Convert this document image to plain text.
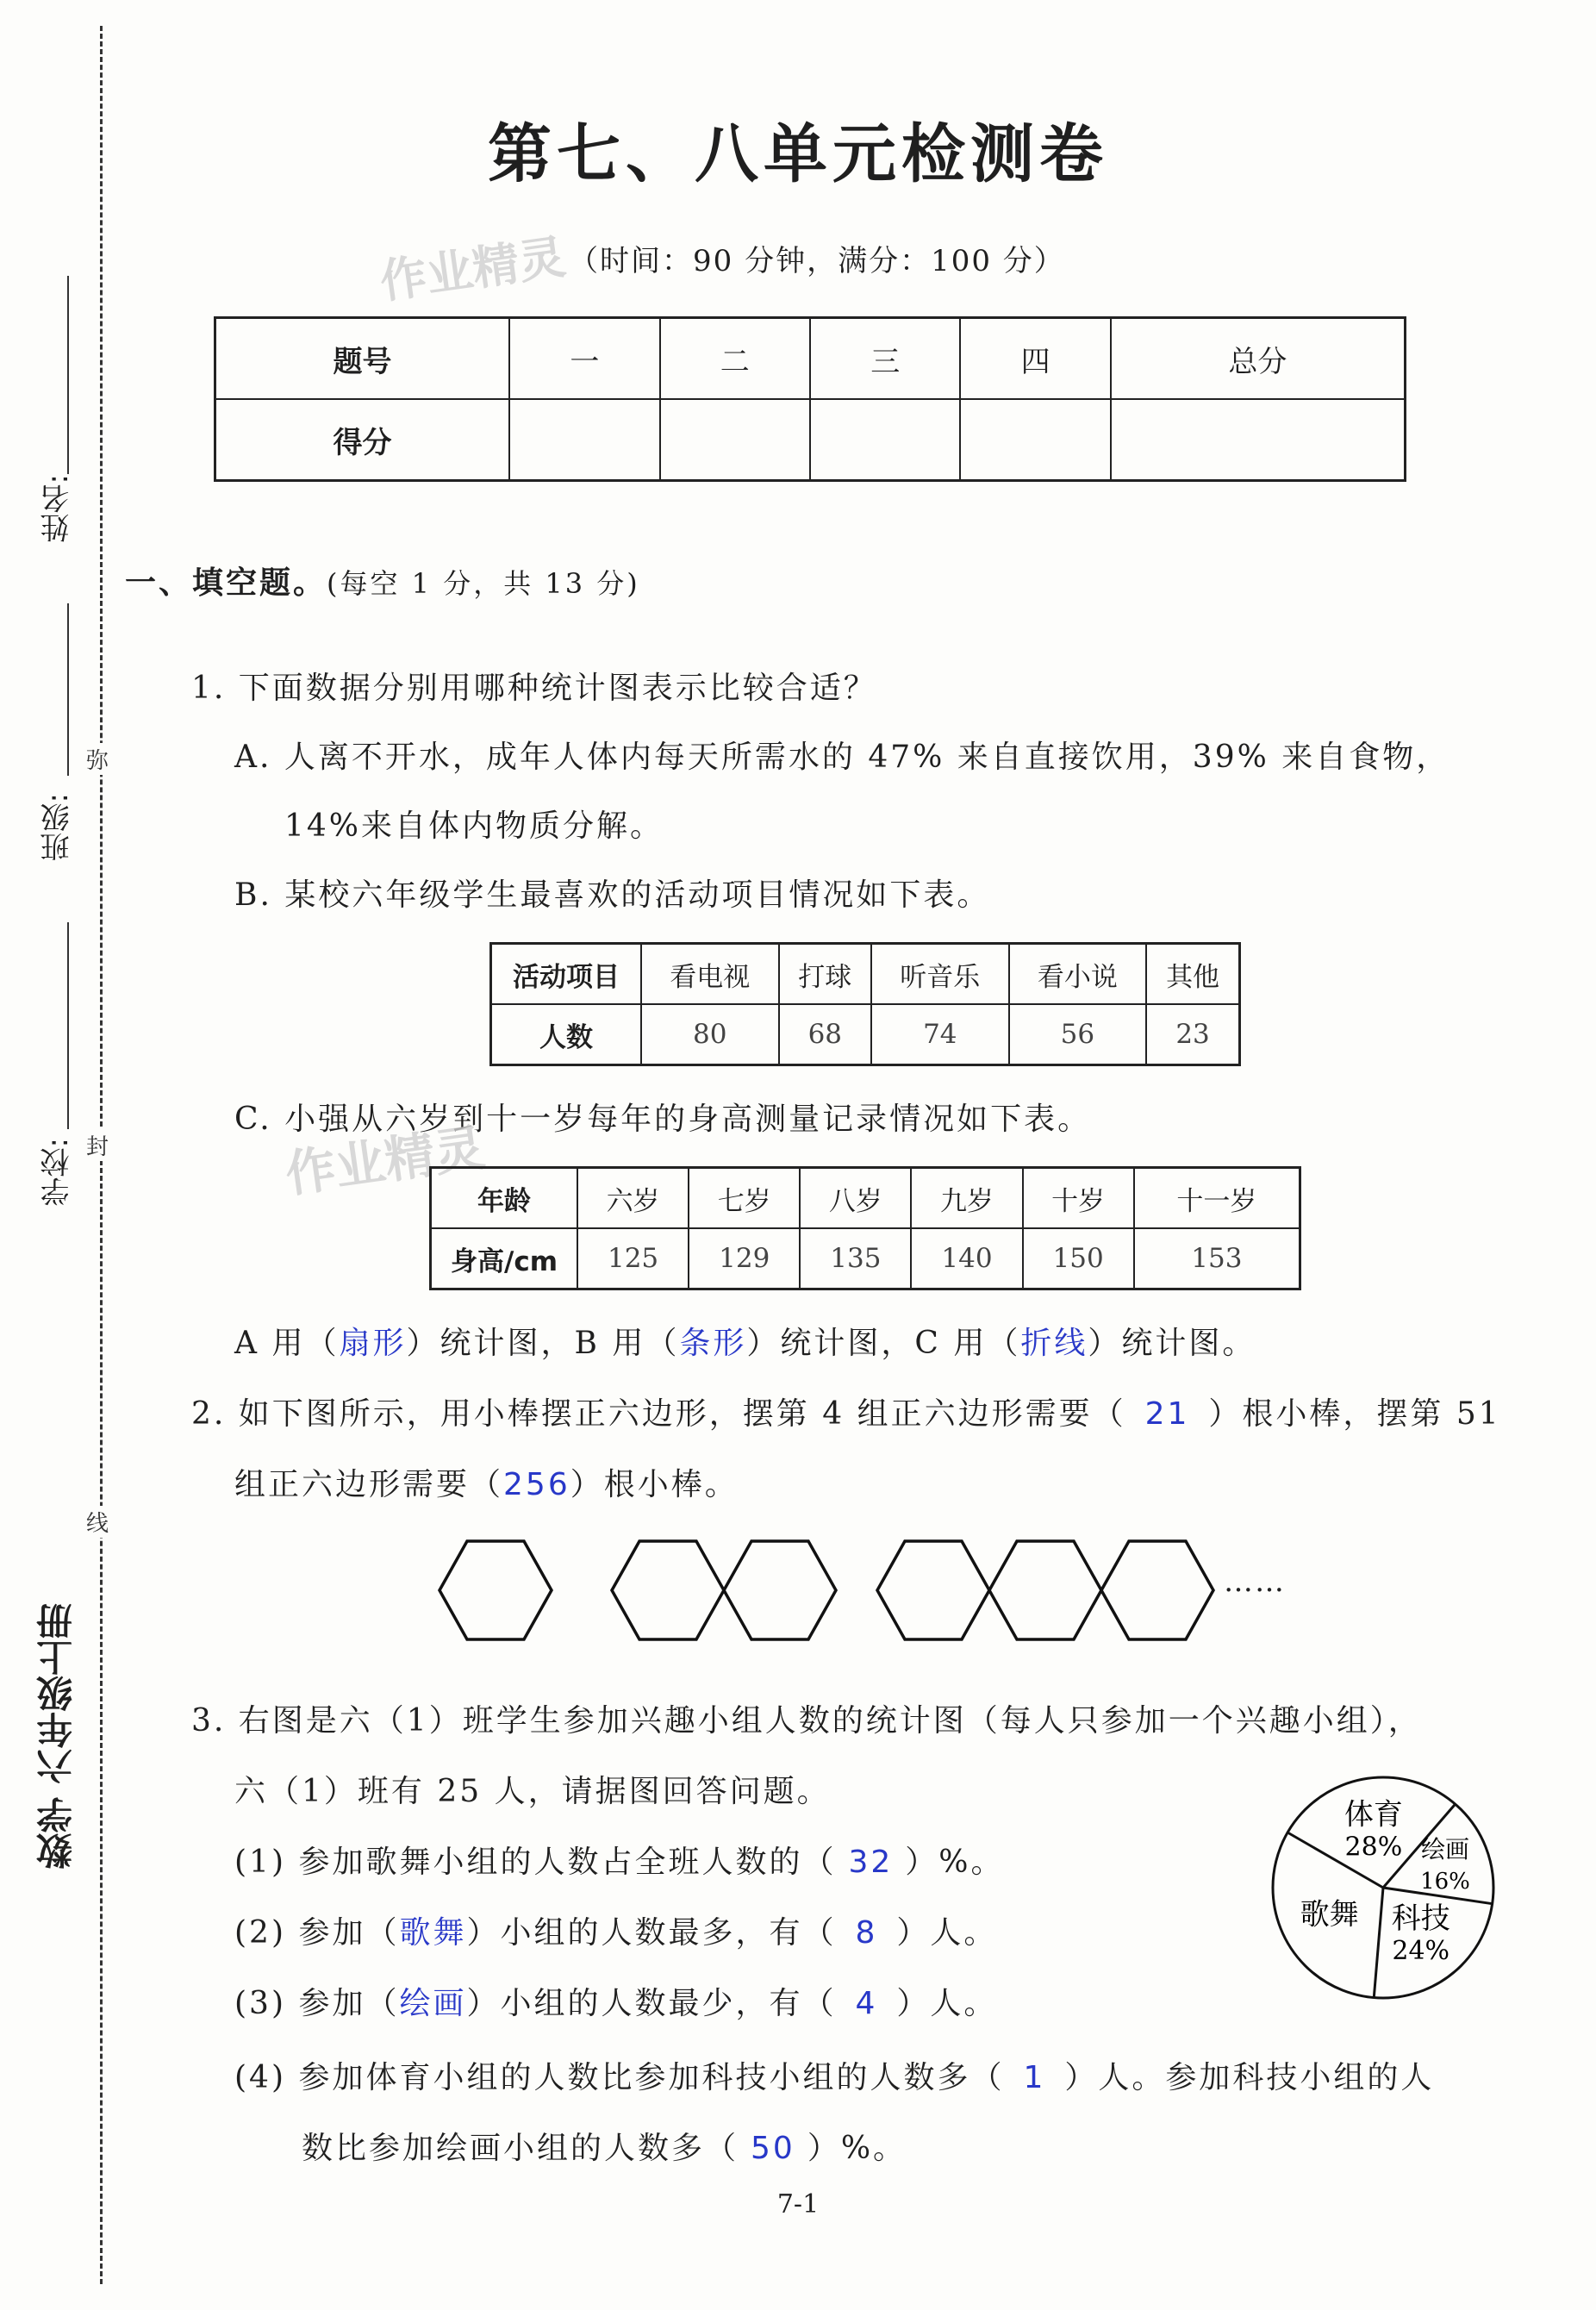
姓名:
班级:
学校:
弥
封
线
数学 六年级上册
第七、八单元检测卷
作业精灵 （时间：90 分钟，满分：100 分）
题号	一	二	三	四	总分
得分					
一、填空题。(每空 1 分，共 13 分)
1. 下面数据分别用哪种统计图表示比较合适？
A. 人离不开水，成年人体内每天所需水的 47% 来自直接饮用，39% 来自食物，
14%来自体内物质分解。
B. 某校六年级学生最喜欢的活动项目情况如下表。
活动项目	看电视	打球	听音乐	看小说	其他
人数	80	68	74	56	23
C. 小强从六岁到十一岁每年的身高测量记录情况如下表。
作业精灵
年龄	六岁	七岁	八岁	九岁	十岁	十一岁
身高/cm	125	129	135	140	150	153
A 用（扇形）统计图，B 用（条形）统计图，C 用（折线）统计图。
2. 如下图所示，用小棒摆正六边形，摆第 4 组正六边形需要（ 21 ）根小棒，摆第 51
组正六边形需要（256）根小棒。
……
3. 右图是六（1）班学生参加兴趣小组人数的统计图（每人只参加一个兴趣小组），
六（1）班有 25 人，请据图回答问题。
(1) 参加歌舞小组的人数占全班人数的（ 32 ）%。
(2) 参加（歌舞）小组的人数最多，有（ 8 ）人。
(3) 参加（绘画）小组的人数最少，有（ 4 ）人。
(4) 参加体育小组的人数比参加科技小组的人数多（ 1 ）人。参加科技小组的人
数比参加绘画小组的人数多（ 50 ）%。
体育
28% 绘画
16%
科技
24%
歌舞
7-1
